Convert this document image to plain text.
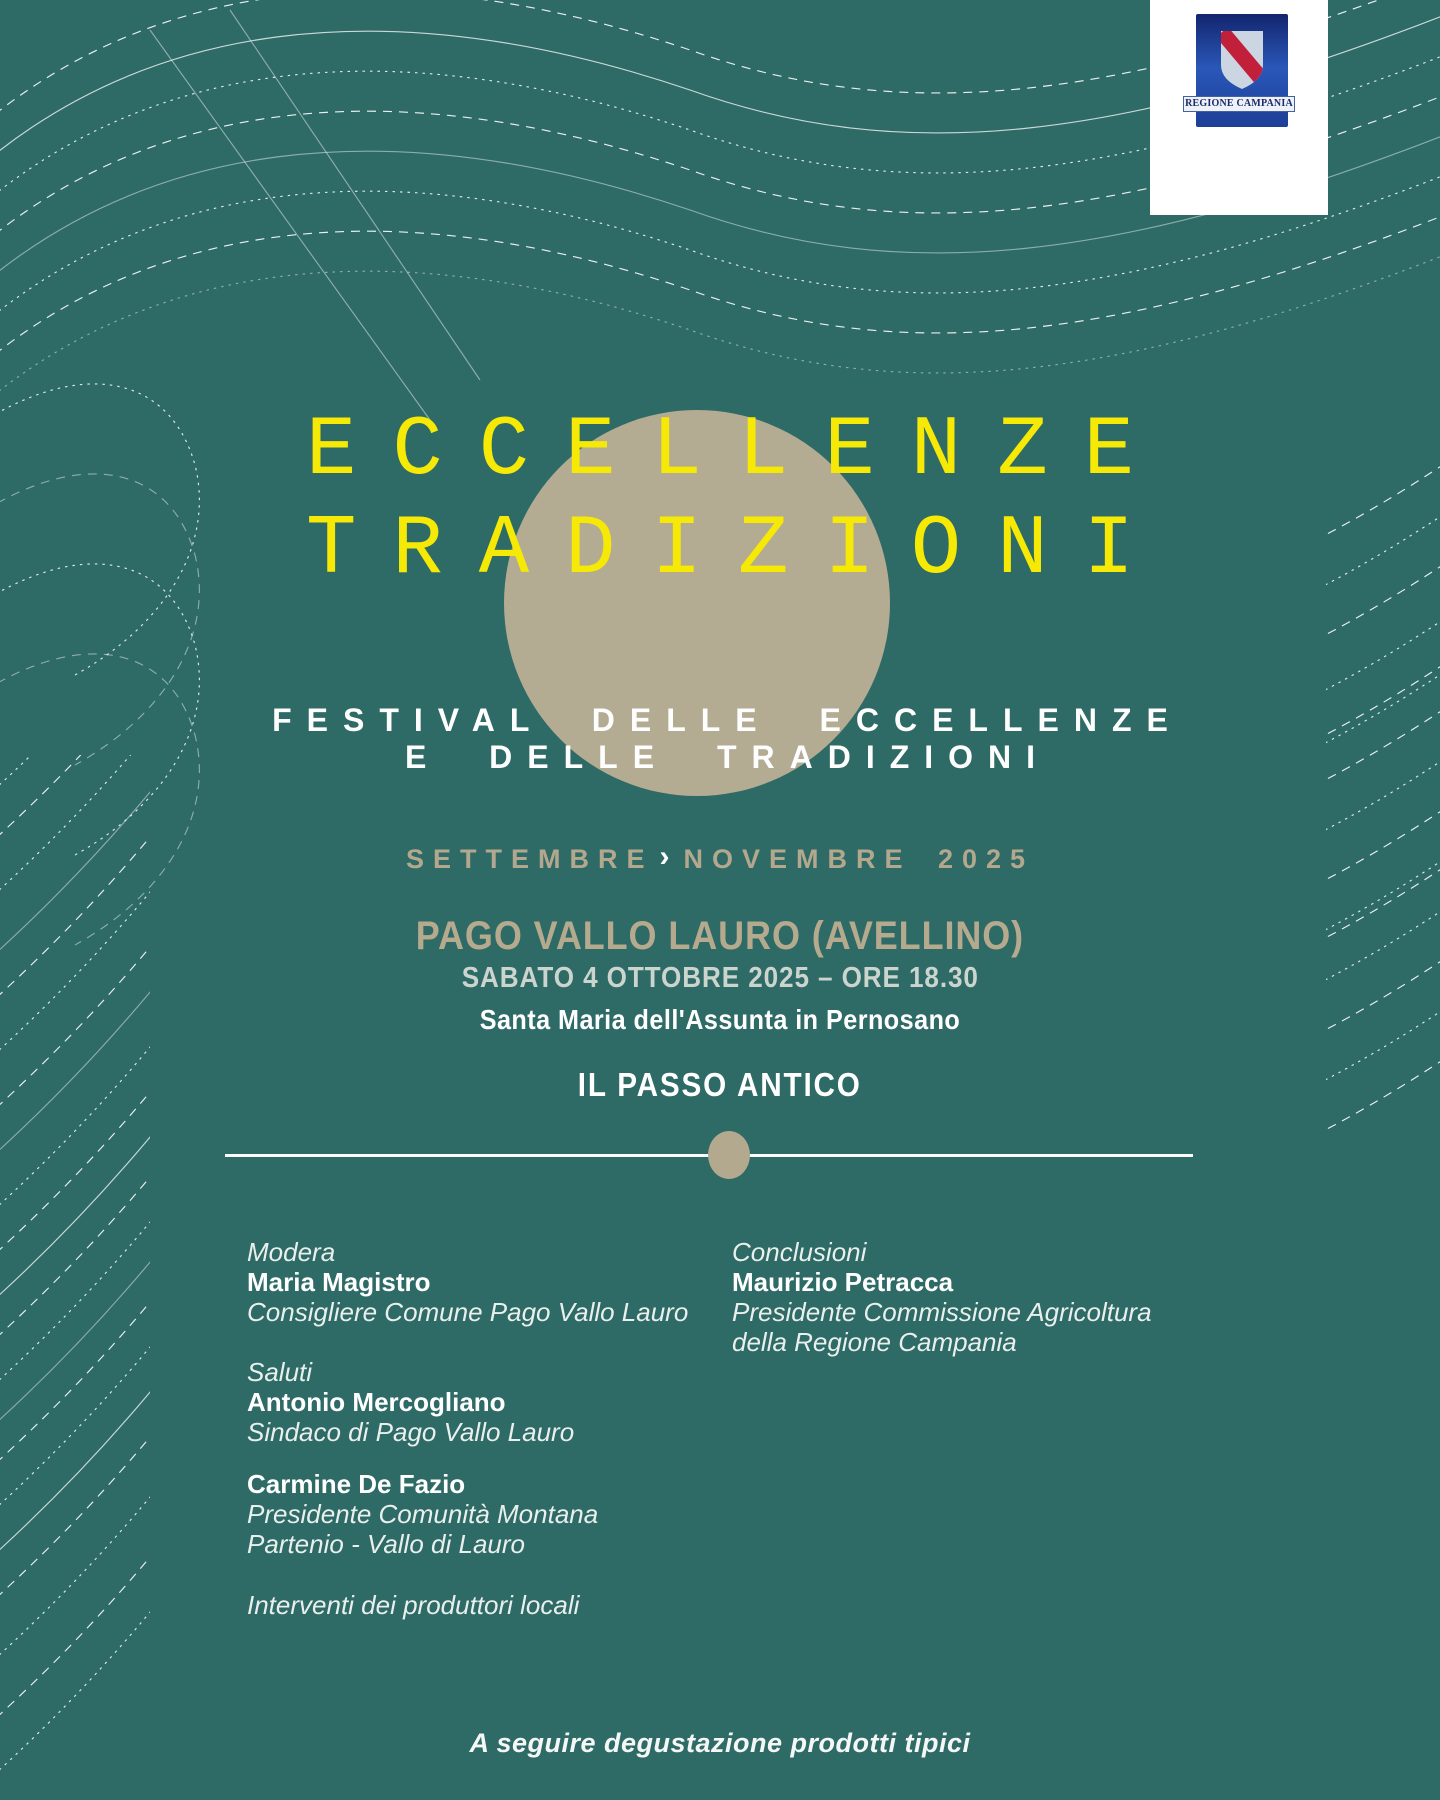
ECCELLENZE
TRADIZIONI
FESTIVAL DELLE ECCELLENZE
E DELLE TRADIZIONI
SETTEMBRE › NOVEMBRE 2025
PAGO VALLO LAURO (AVELLINO)
SABATO 4 OTTOBRE 2025 – ORE 18.30
Santa Maria dell'Assunta in Pernosano
IL PASSO ANTICO
Modera
Maria Magistro
Consigliere Comune Pago Vallo Lauro
Saluti
Antonio Mercogliano
Sindaco di Pago Vallo Lauro
Carmine De Fazio
Presidente Comunità Montana
Partenio - Vallo di Lauro
Interventi dei produttori locali
Conclusioni
Maurizio Petracca
Presidente Commissione Agricoltura
della Regione Campania
A seguire degustazione prodotti tipici
REGIONE CAMPANIA
